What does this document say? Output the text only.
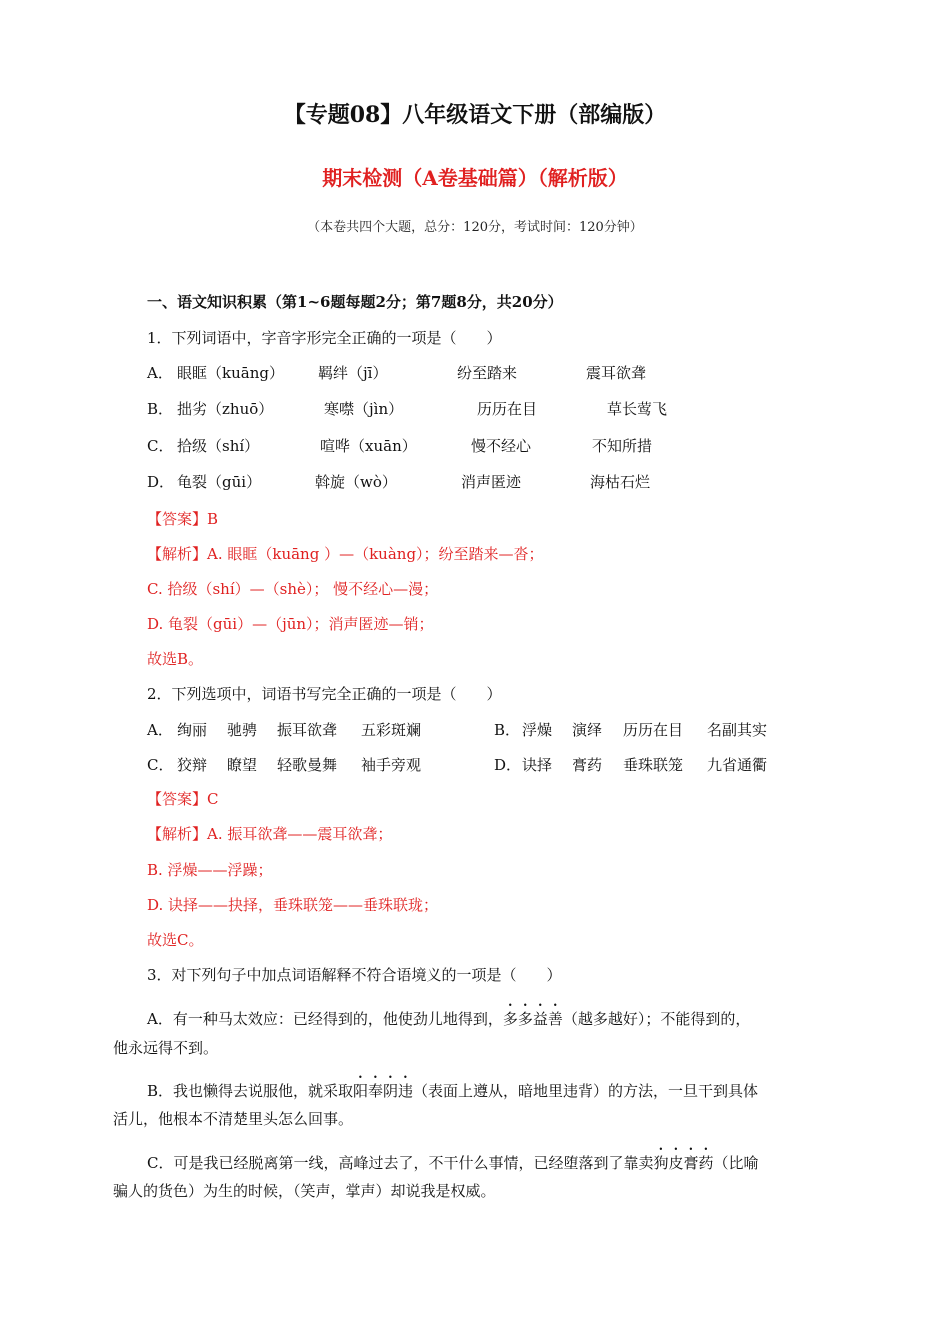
【专题08】八年级语文下册（部编版）
期末检测（A卷基础篇）（解析版）
（本卷共四个大题，总分：120分，考试时间：120分钟）
一、语文知识积累（第1~6题每题2分；第7题8分，共20分）
1．下列词语中，字音字形完全正确的一项是（　　）
A． 眼眶（kuāng） 羁绊（jī）	纷至踏来	震耳欲聋
B． 拙劣（zhuō）	寒噤（jìn）	历历在目	草长莺飞
C． 拾级（shí）	喧哗（xuān）	慢不经心	不知所措
D． 龟裂（gūi）	斡旋（wò）	消声匿迹	海枯石烂
【答案】B
【解析】A. 眼眶（kuāng ）—（kuàng）；纷至踏来—沓；
C. 拾级（shí）—（shè）； 慢不经心—漫；
D. 龟裂（gūi）—（jūn）；消声匿迹—销；
故选B。
2．下列选项中，词语书写完全正确的一项是（　　）
A． 绚丽 驰骋 振耳欲聋 五彩斑斓	B． 浮燥 演绎 历历在目 名副其实
C． 狡辩 瞭望 轻歌曼舞 袖手旁观	D． 诀择 膏药 垂珠联笼 九省通衢
【答案】C
【解析】A. 振耳欲聋——震耳欲聋；
B. 浮燥——浮躁；
D. 诀择——抉择，垂珠联笼——垂珠联珑；
故选C。
3．对下列句子中加点词语解释不符合语境义的一项是（　　）
A．有一种马太效应：已经得到的，他使劲儿地得到，多多益善（越多越好）；不能得到的，
他永远得不到。
B．我也懒得去说服他，就采取阳奉阴违（表面上遵从，暗地里违背）的方法，一旦干到具体
活儿，他根本不清楚里头怎么回事。
C．可是我已经脱离第一线，高峰过去了，不干什么事情，已经堕落到了靠卖狗皮膏药（比喻
骗人的货色）为生的时候，（笑声，掌声）却说我是权威。
